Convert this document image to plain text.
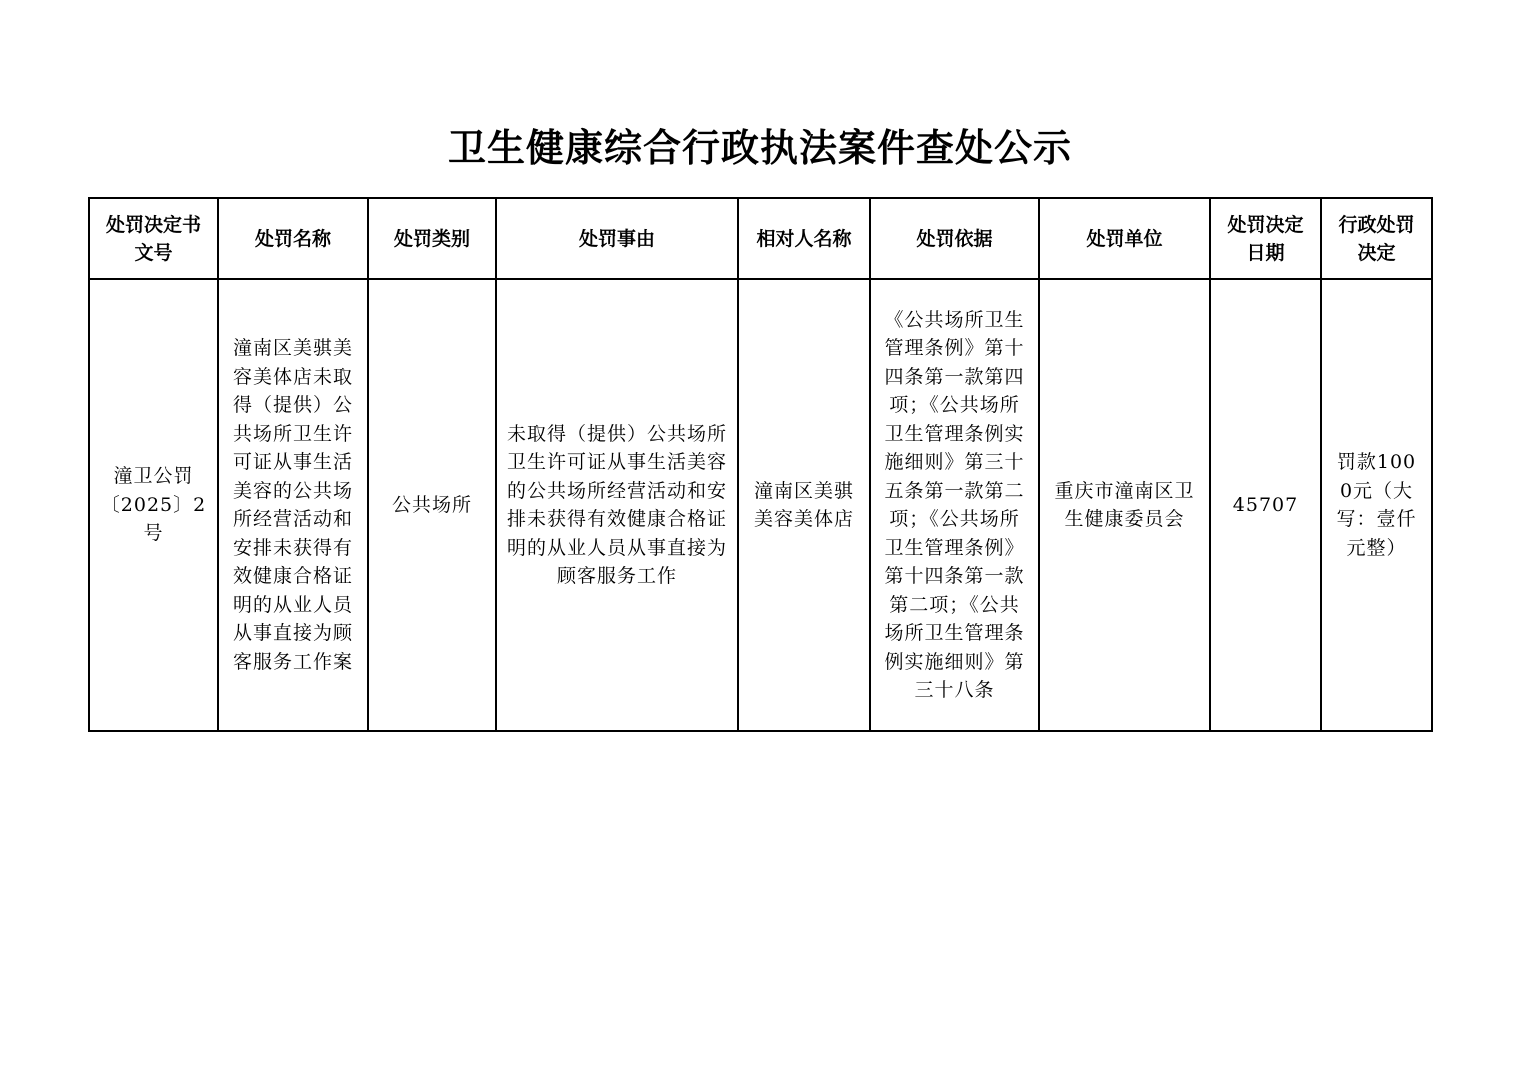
卫生健康综合行政执法案件查处公示
处罚决定书文号	处罚名称	处罚类别	处罚事由	相对人名称	处罚依据	处罚单位	处罚决定日期	行政处罚决定
潼卫公罚〔2025〕2号	潼南区美骐美容美体店未取得（提供）公共场所卫生许可证从事生活美容的公共场所经营活动和安排未获得有效健康合格证明的从业人员从事直接为顾客服务工作案	公共场所	未取得（提供）公共场所卫生许可证从事生活美容的公共场所经营活动和安排未获得有效健康合格证明的从业人员从事直接为顾客服务工作	潼南区美骐美容美体店	《公共场所卫生管理条例》第十四条第一款第四项；《公共场所卫生管理条例实施细则》第三十五条第一款第二项；《公共场所卫生管理条例》第十四条第一款第二项；《公共场所卫生管理条例实施细则》第三十八条	重庆市潼南区卫生健康委员会	45707	罚款1000元（大写：壹仟元整）
